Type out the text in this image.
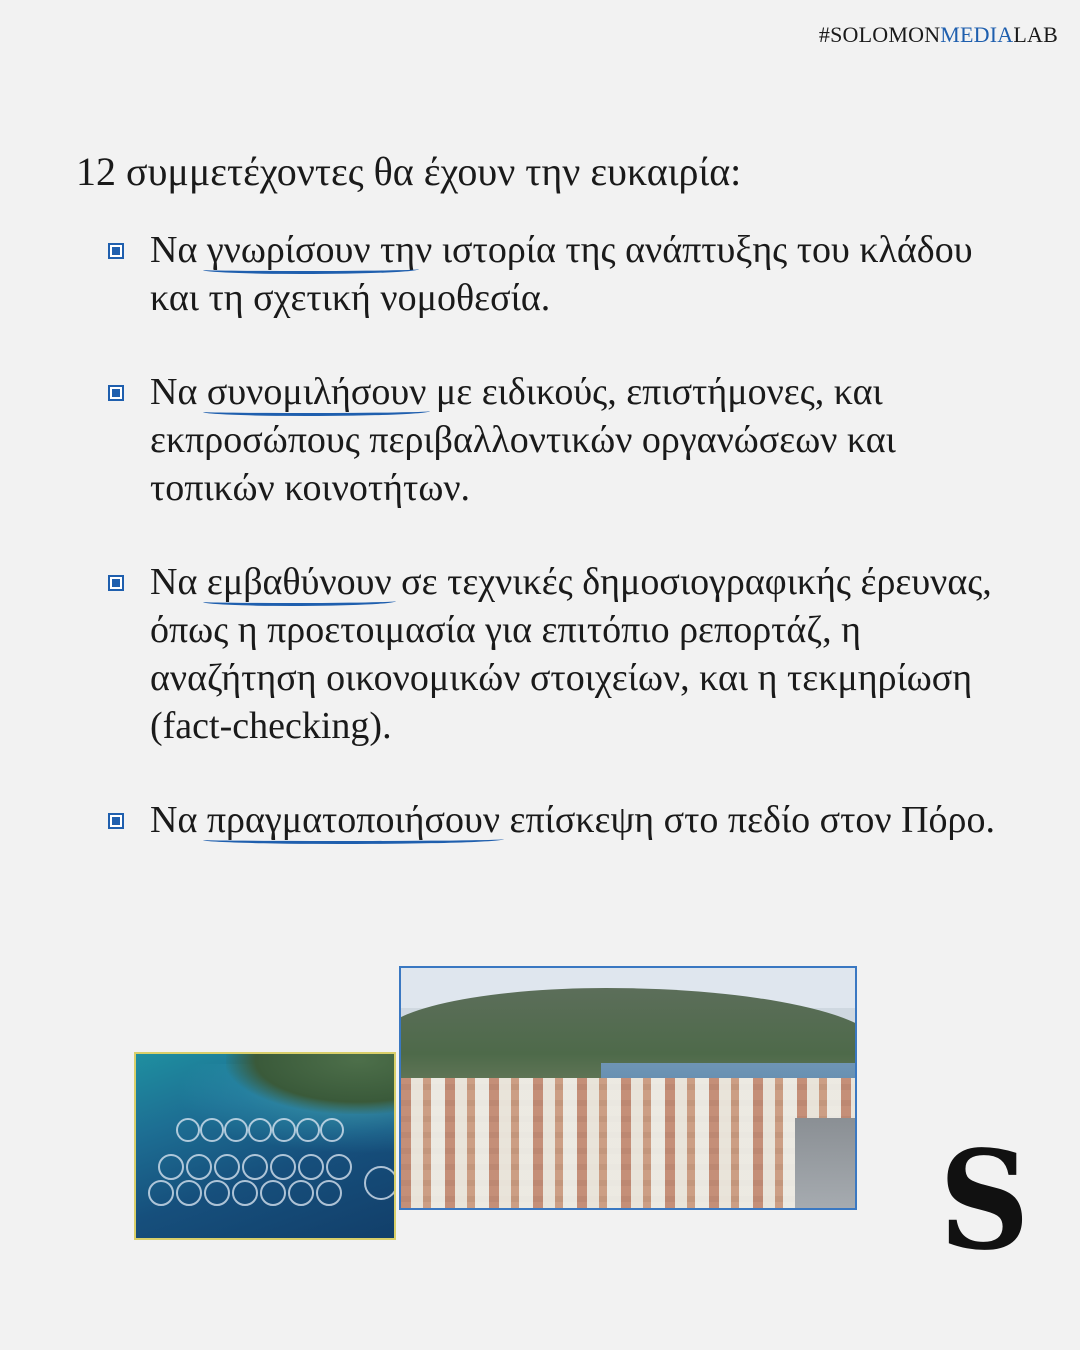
#SOLOMONMEDIALAB
12 συμμετέχοντες θα έχουν την ευκαιρία:
Να γνωρίσουν την ιστορία της ανάπτυξης του κλάδου και τη σχετική νομοθεσία.
Να συνομιλήσουν με ειδικούς, επιστήμονες, και εκπροσώπους περιβαλλοντικών οργανώσεων και τοπικών κοινοτήτων.
Να εμβαθύνουν σε τεχνικές δημοσιογραφικής έρευνας, όπως η προετοιμασία για επιτόπιο ρεπορτάζ, η αναζήτηση οικονομικών στοιχείων, και η τεκμηρίωση (fact-checking).
Να πραγματοποιήσουν επίσκεψη στο πεδίο στον Πόρο.
S
